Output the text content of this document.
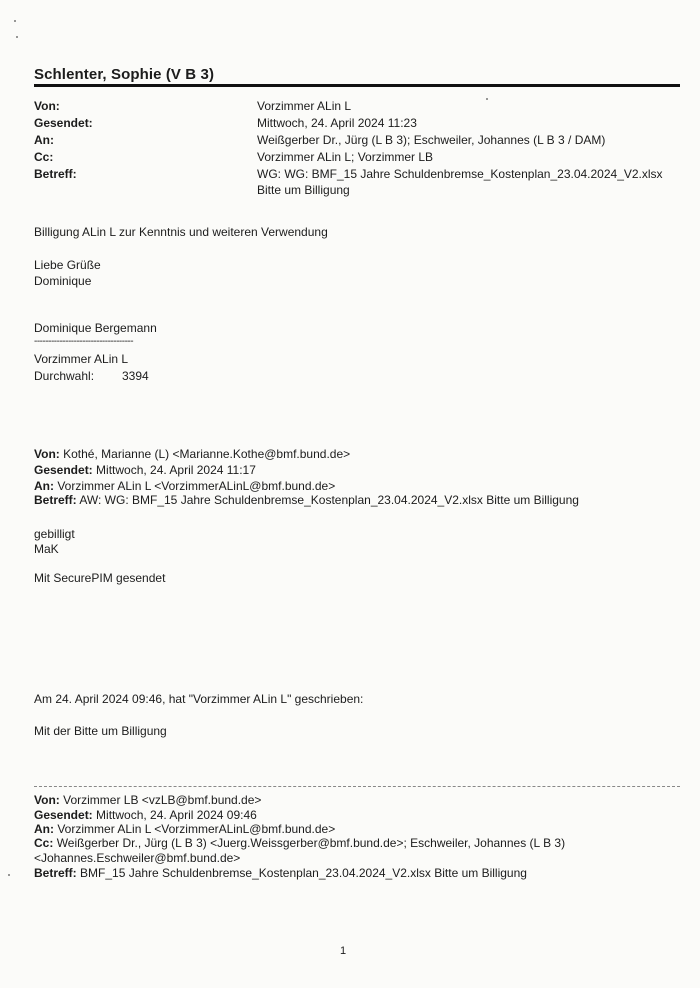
Schlenter, Sophie (V B 3)
Von:
Gesendet:
An:
Cc:
Betreff:
Vorzimmer ALin L
Mittwoch, 24. April 2024 11:23
Weißgerber Dr., Jürg (L B 3); Eschweiler, Johannes (L B 3 / DAM)
Vorzimmer ALin L; Vorzimmer LB
WG: WG: BMF_15 Jahre Schuldenbremse_Kostenplan_23.04.2024_V2.xlsx
Bitte um Billigung
Billigung ALin L zur Kenntnis und weiteren Verwendung
Liebe Grüße
Dominique
Dominique Bergemann
-----------------------------------
Vorzimmer ALin L
Durchwahl: 3394
Von: Kothé, Marianne (L) <Marianne.Kothe@bmf.bund.de>
Gesendet: Mittwoch, 24. April 2024 11:17
An: Vorzimmer ALin L <VorzimmerALinL@bmf.bund.de>
Betreff: AW: WG: BMF_15 Jahre Schuldenbremse_Kostenplan_23.04.2024_V2.xlsx Bitte um Billigung
gebilligt
MaK
Mit SecurePIM gesendet
Am 24. April 2024 09:46, hat "Vorzimmer ALin L" geschrieben:
Mit der Bitte um Billigung
Von: Vorzimmer LB <vzLB@bmf.bund.de>
Gesendet: Mittwoch, 24. April 2024 09:46
An: Vorzimmer ALin L <VorzimmerALinL@bmf.bund.de>
Cc: Weißgerber Dr., Jürg (L B 3) <Juerg.Weissgerber@bmf.bund.de>; Eschweiler, Johannes (L B 3)
<Johannes.Eschweiler@bmf.bund.de>
Betreff: BMF_15 Jahre Schuldenbremse_Kostenplan_23.04.2024_V2.xlsx Bitte um Billigung
1
